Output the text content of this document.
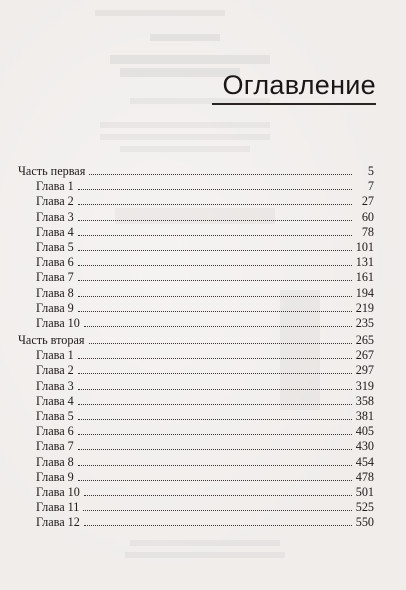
Оглавление
Часть первая	5
Глава 1	7
Глава 2	27
Глава 3	60
Глава 4	78
Глава 5	101
Глава 6	131
Глава 7	161
Глава 8	194
Глава 9	219
Глава 10	235
Часть вторая	265
Глава 1	267
Глава 2	297
Глава 3	319
Глава 4	358
Глава 5	381
Глава 6	405
Глава 7	430
Глава 8	454
Глава 9	478
Глава 10	501
Глава 11	525
Глава 12	550
